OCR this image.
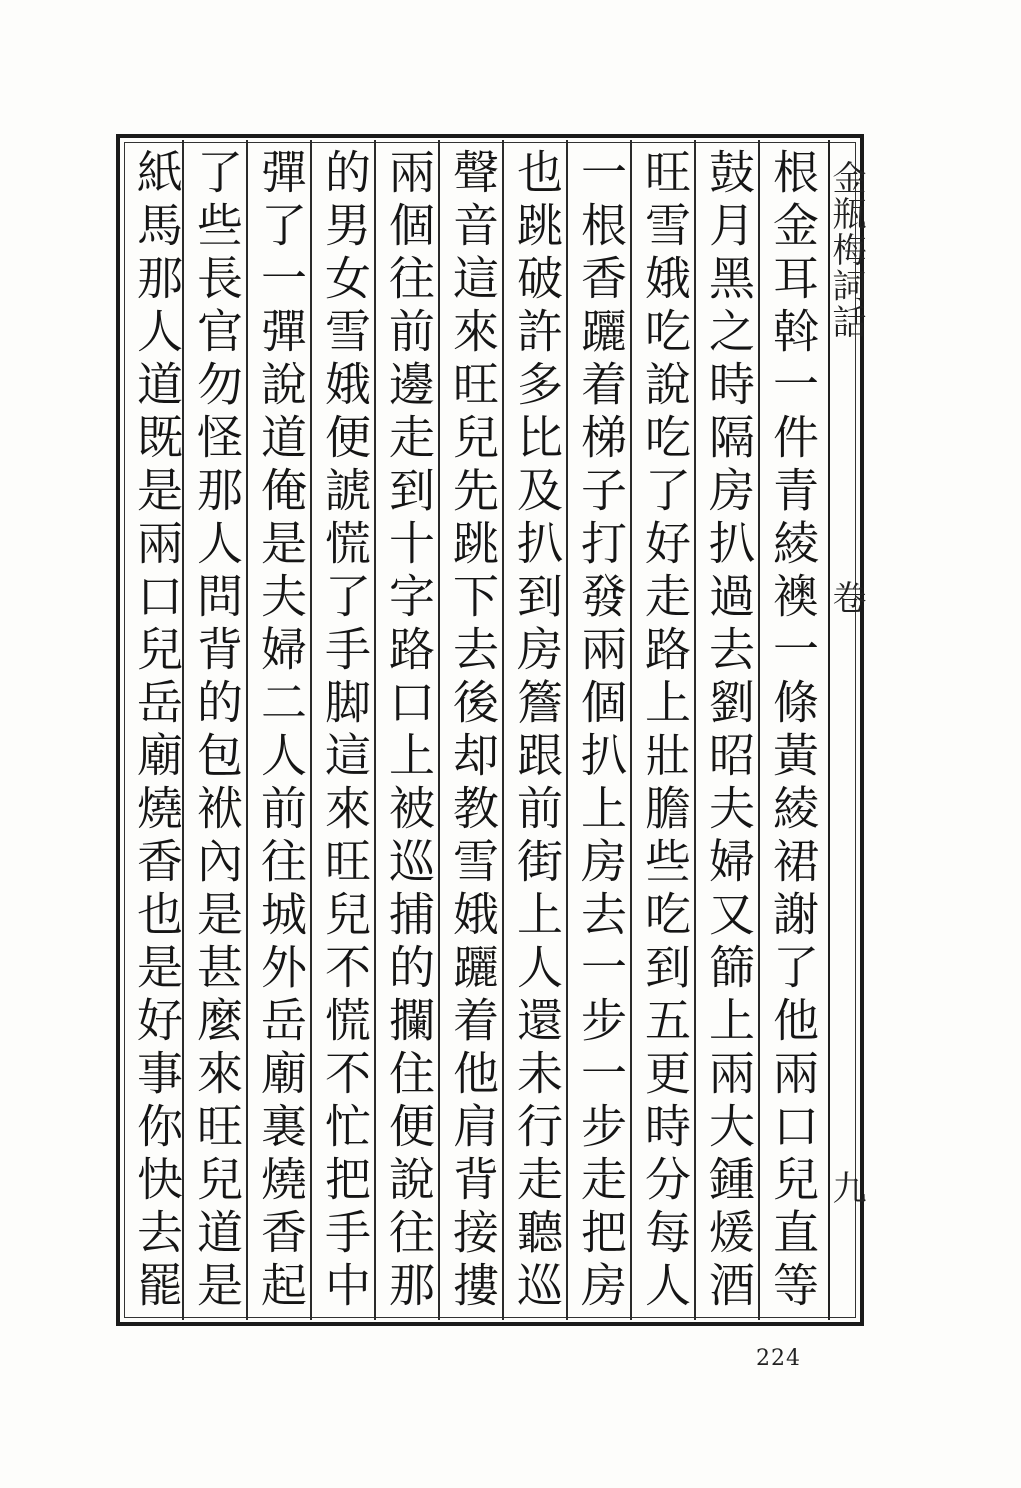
金瓶梅詞話
卷
九
根金耳斡一件青綾襖一條黃綾裙謝了他兩口兒直等
鼓月黑之時隔房扒過去劉昭夫婦又篩上兩大鍾煖酒
旺雪娥吃說吃了好走路上壯膽些吃到五更時分每人
一根香躧着梯子打發兩個扒上房去一步一步走把房
也跳破許多比及扒到房簷跟前街上人還未行走聽巡
聲音這來旺兒先跳下去後却教雪娥躧着他肩背接摟
兩個往前邊走到十字路口上被巡捕的攔住便說往那
的男女雪娥便諕慌了手脚這來旺兒不慌不忙把手中
彈了一彈說道俺是夫婦二人前往城外岳廟裏燒香起
了些長官勿怪那人問背的包袱內是甚麼來旺兒道是
紙馬那人道既是兩口兒岳廟燒香也是好事你快去罷
224
